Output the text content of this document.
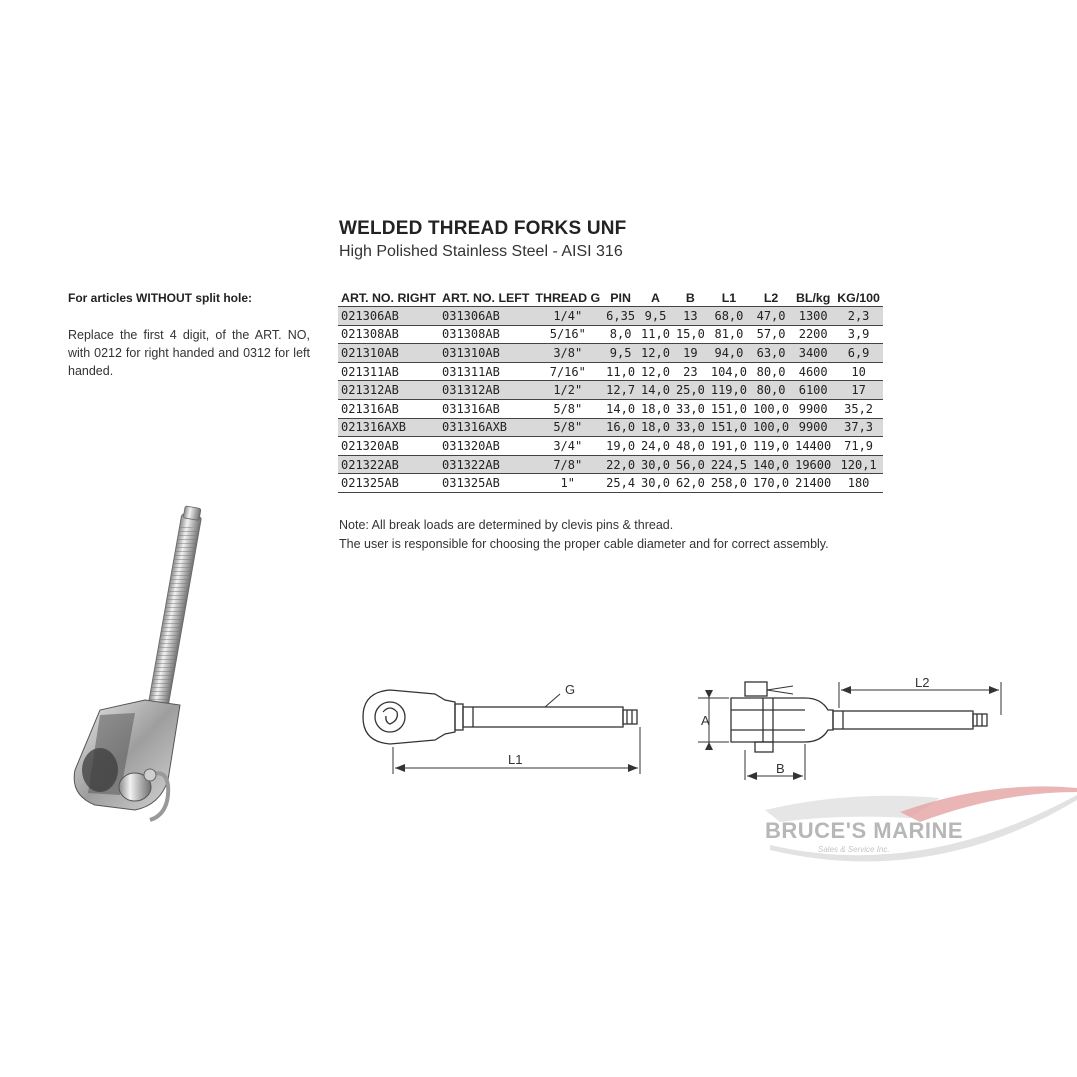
WELDED THREAD FORKS UNF
High Polished Stainless Steel - AISI 316
For articles WITHOUT split hole:
Replace the first 4 digit, of the ART. NO, with 0212 for right handed and 0312 for left handed.
ART. NO. RIGHT	ART. NO. LEFT	THREAD G	PIN	A	B	L1	L2	BL/kg	KG/100
021306AB	031306AB	1/4"	6,35	9,5	13	68,0	47,0	1300	2,3
021308AB	031308AB	5/16"	8,0	11,0	15,0	81,0	57,0	2200	3,9
021310AB	031310AB	3/8"	9,5	12,0	19	94,0	63,0	3400	6,9
021311AB	031311AB	7/16"	11,0	12,0	23	104,0	80,0	4600	10
021312AB	031312AB	1/2"	12,7	14,0	25,0	119,0	80,0	6100	17
021316AB	031316AB	5/8"	14,0	18,0	33,0	151,0	100,0	9900	35,2
021316AXB	031316AXB	5/8"	16,0	18,0	33,0	151,0	100,0	9900	37,3
021320AB	031320AB	3/4"	19,0	24,0	48,0	191,0	119,0	14400	71,9
021322AB	031322AB	7/8"	22,0	30,0	56,0	224,5	140,0	19600	120,1
021325AB	031325AB	1"	25,4	30,0	62,0	258,0	170,0	21400	180
Note: All break loads are determined by clevis pins & thread.
The user is responsible for choosing the proper cable diameter and for correct assembly.
G
L1
L2
A
B
BRUCE'S MARINE
Sales & Service Inc.
